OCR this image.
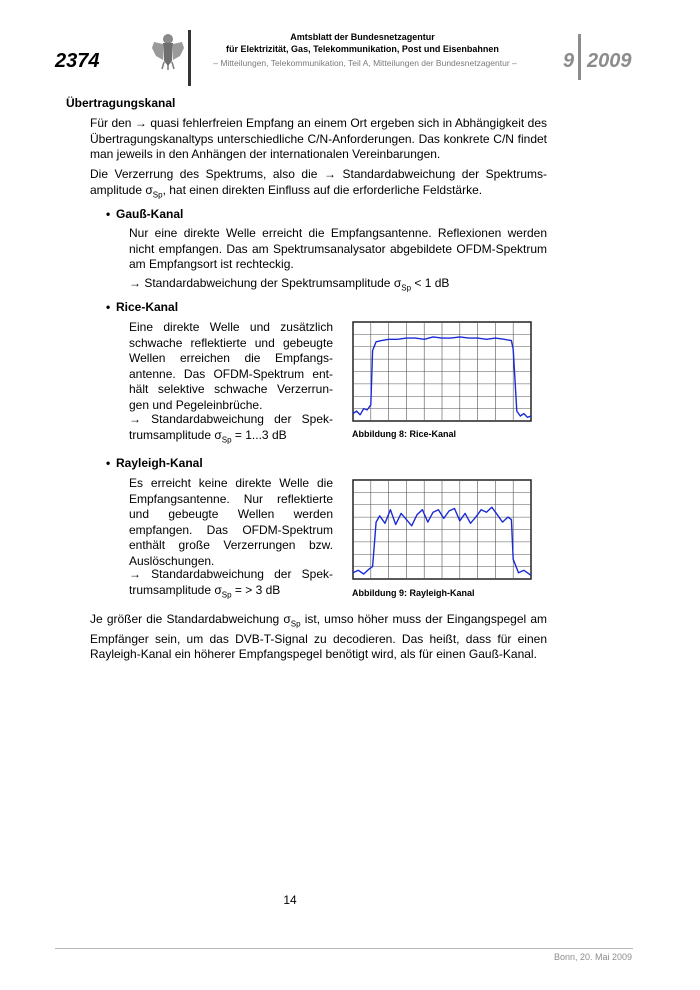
2374
Amtsblatt der Bundesnetzagentur
für Elektrizität, Gas, Telekommunikation, Post und Eisenbahnen
– Mitteilungen, Telekommunikation, Teil A, Mitteilungen der Bundesnetzagentur –	9 2009
Übertragungskanal
Für den → quasi fehlerfreien Empfang an einem Ort ergeben sich in Abhängigkeit des Übertragungskanaltyps unterschiedliche C/N-Anforderungen. Das konkrete C/N findet man jeweils in den Anhängen der internationalen Vereinbarungen.
Die Verzerrung des Spektrums, also die → Standardabweichung der Spektrums-amplitude $\sigma_{Sp}$, hat einen direkten Einfluss auf die erforderliche Feldstärke.
• Gauß-Kanal
Nur eine direkte Welle erreicht die Empfangsantenne. Reflexionen werden nicht empfangen. Das am Spektrumsanalysator abgebildete OFDM-Spektrum am Empfangsort ist rechteckig.
→ Standardabweichung der Spektrumsamplitude $\sigma_{Sp} < 1$ dB
• Rice-Kanal
Eine direkte Welle und zusätzlich schwache reflektierte und gebeugte Wellen erreichen die Empfangs-antenne. Das OFDM-Spektrum ent-hält selektive schwache Verzerrun-gen und Pegeleinbrüche.
→ Standardabweichung der Spek-trumsamplitude $\sigma_{Sp} = 1...3$ dB	Abbildung 8: Rice-Kanal
• Rayleigh-Kanal
Es erreicht keine direkte Welle die Empfangsantenne. Nur reflektierte und gebeugte Wellen werden empfangen. Das OFDM-Spektrum enthält große Verzerrungen bzw. Auslöschungen.
→ Standardabweichung der Spek-trumsamplitude $\sigma_{Sp}$ = > 3 dB	Abbildung 9: Rayleigh-Kanal
Je größer die Standardabweichung $\sigma_{Sp}$ ist, umso höher muss der Eingangspegel am Empfänger sein, um das DVB-T-Signal zu decodieren. Das heißt, dass für einen Rayleigh-Kanal ein höherer Empfangspegel benötigt wird, als für einen Gauß-Kanal.
14
Bonn, 20. Mai 2009
